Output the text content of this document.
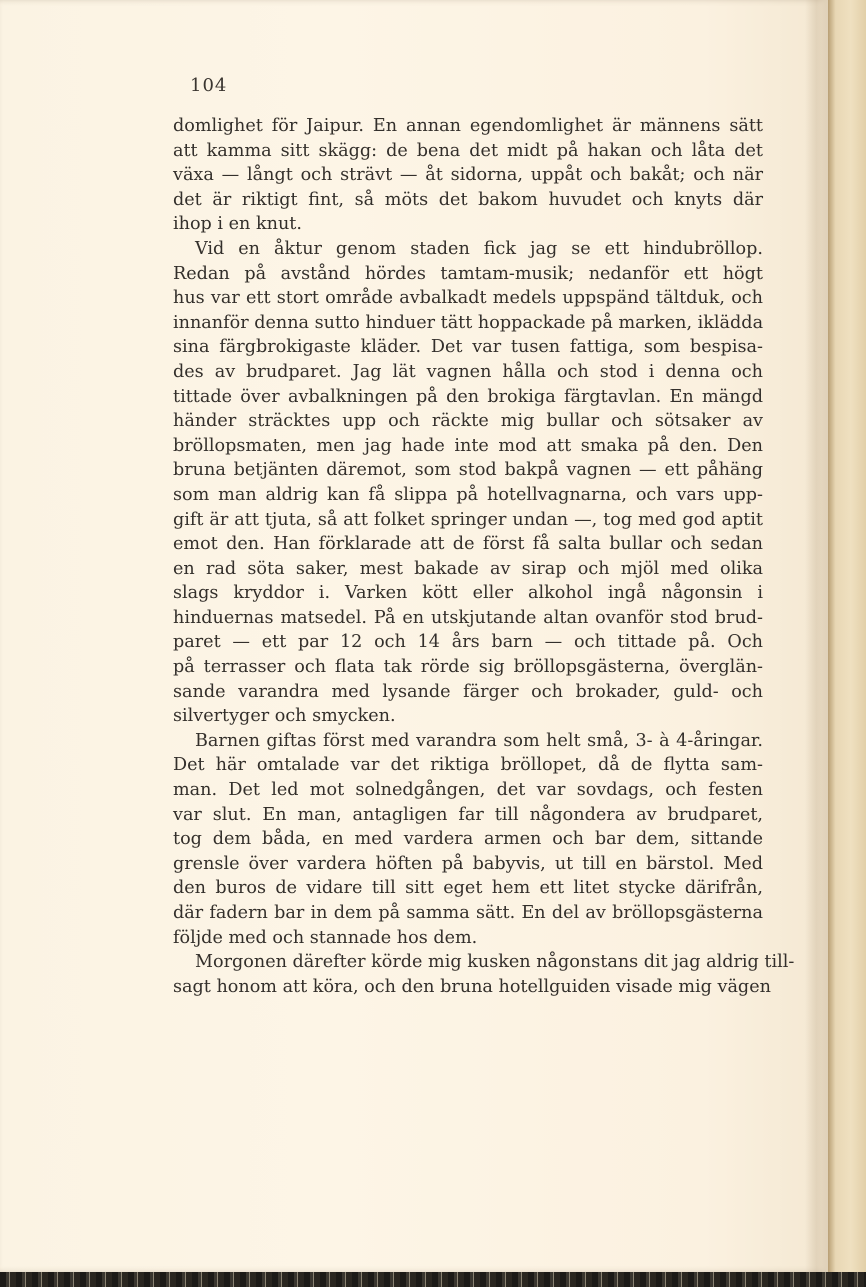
104
domlighet för Jaipur. En annan egendomlighet är männens sätt
att kamma sitt skägg: de bena det midt på hakan och låta det
växa — långt och strävt — åt sidorna, uppåt och bakåt; och när
det är riktigt fint, så möts det bakom huvudet och knyts där
ihop i en knut.
Vid en åktur genom staden fick jag se ett hindubröllop.
Redan på avstånd hördes tamtam-musik; nedanför ett högt
hus var ett stort område avbalkadt medels uppspänd tältduk, och
innanför denna sutto hinduer tätt hoppackade på marken, iklädda
sina färgbrokigaste kläder. Det var tusen fattiga, som bespisa-
des av brudparet. Jag lät vagnen hålla och stod i denna och
tittade över avbalkningen på den brokiga färgtavlan. En mängd
händer sträcktes upp och räckte mig bullar och sötsaker av
bröllopsmaten, men jag hade inte mod att smaka på den. Den
bruna betjänten däremot, som stod bakpå vagnen — ett påhäng
som man aldrig kan få slippa på hotellvagnarna, och vars upp-
gift är att tjuta, så att folket springer undan —, tog med god aptit
emot den. Han förklarade att de först få salta bullar och sedan
en rad söta saker, mest bakade av sirap och mjöl med olika
slags kryddor i. Varken kött eller alkohol ingå någonsin i
hinduernas matsedel. På en utskjutande altan ovanför stod brud-
paret — ett par 12 och 14 års barn — och tittade på. Och
på terrasser och flata tak rörde sig bröllopsgästerna, överglän-
sande varandra med lysande färger och brokader, guld- och
silvertyger och smycken.
Barnen giftas först med varandra som helt små, 3- à 4-åringar.
Det här omtalade var det riktiga bröllopet, då de flytta sam-
man. Det led mot solnedgången, det var sovdags, och festen
var slut. En man, antagligen far till någondera av brudparet,
tog dem båda, en med vardera armen och bar dem, sittande
grensle över vardera höften på babyvis, ut till en bärstol. Med
den buros de vidare till sitt eget hem ett litet stycke därifrån,
där fadern bar in dem på samma sätt. En del av bröllopsgästerna
följde med och stannade hos dem.
Morgonen därefter körde mig kusken någonstans dit jag aldrig till-
sagt honom att köra, och den bruna hotellguiden visade mig vägen
